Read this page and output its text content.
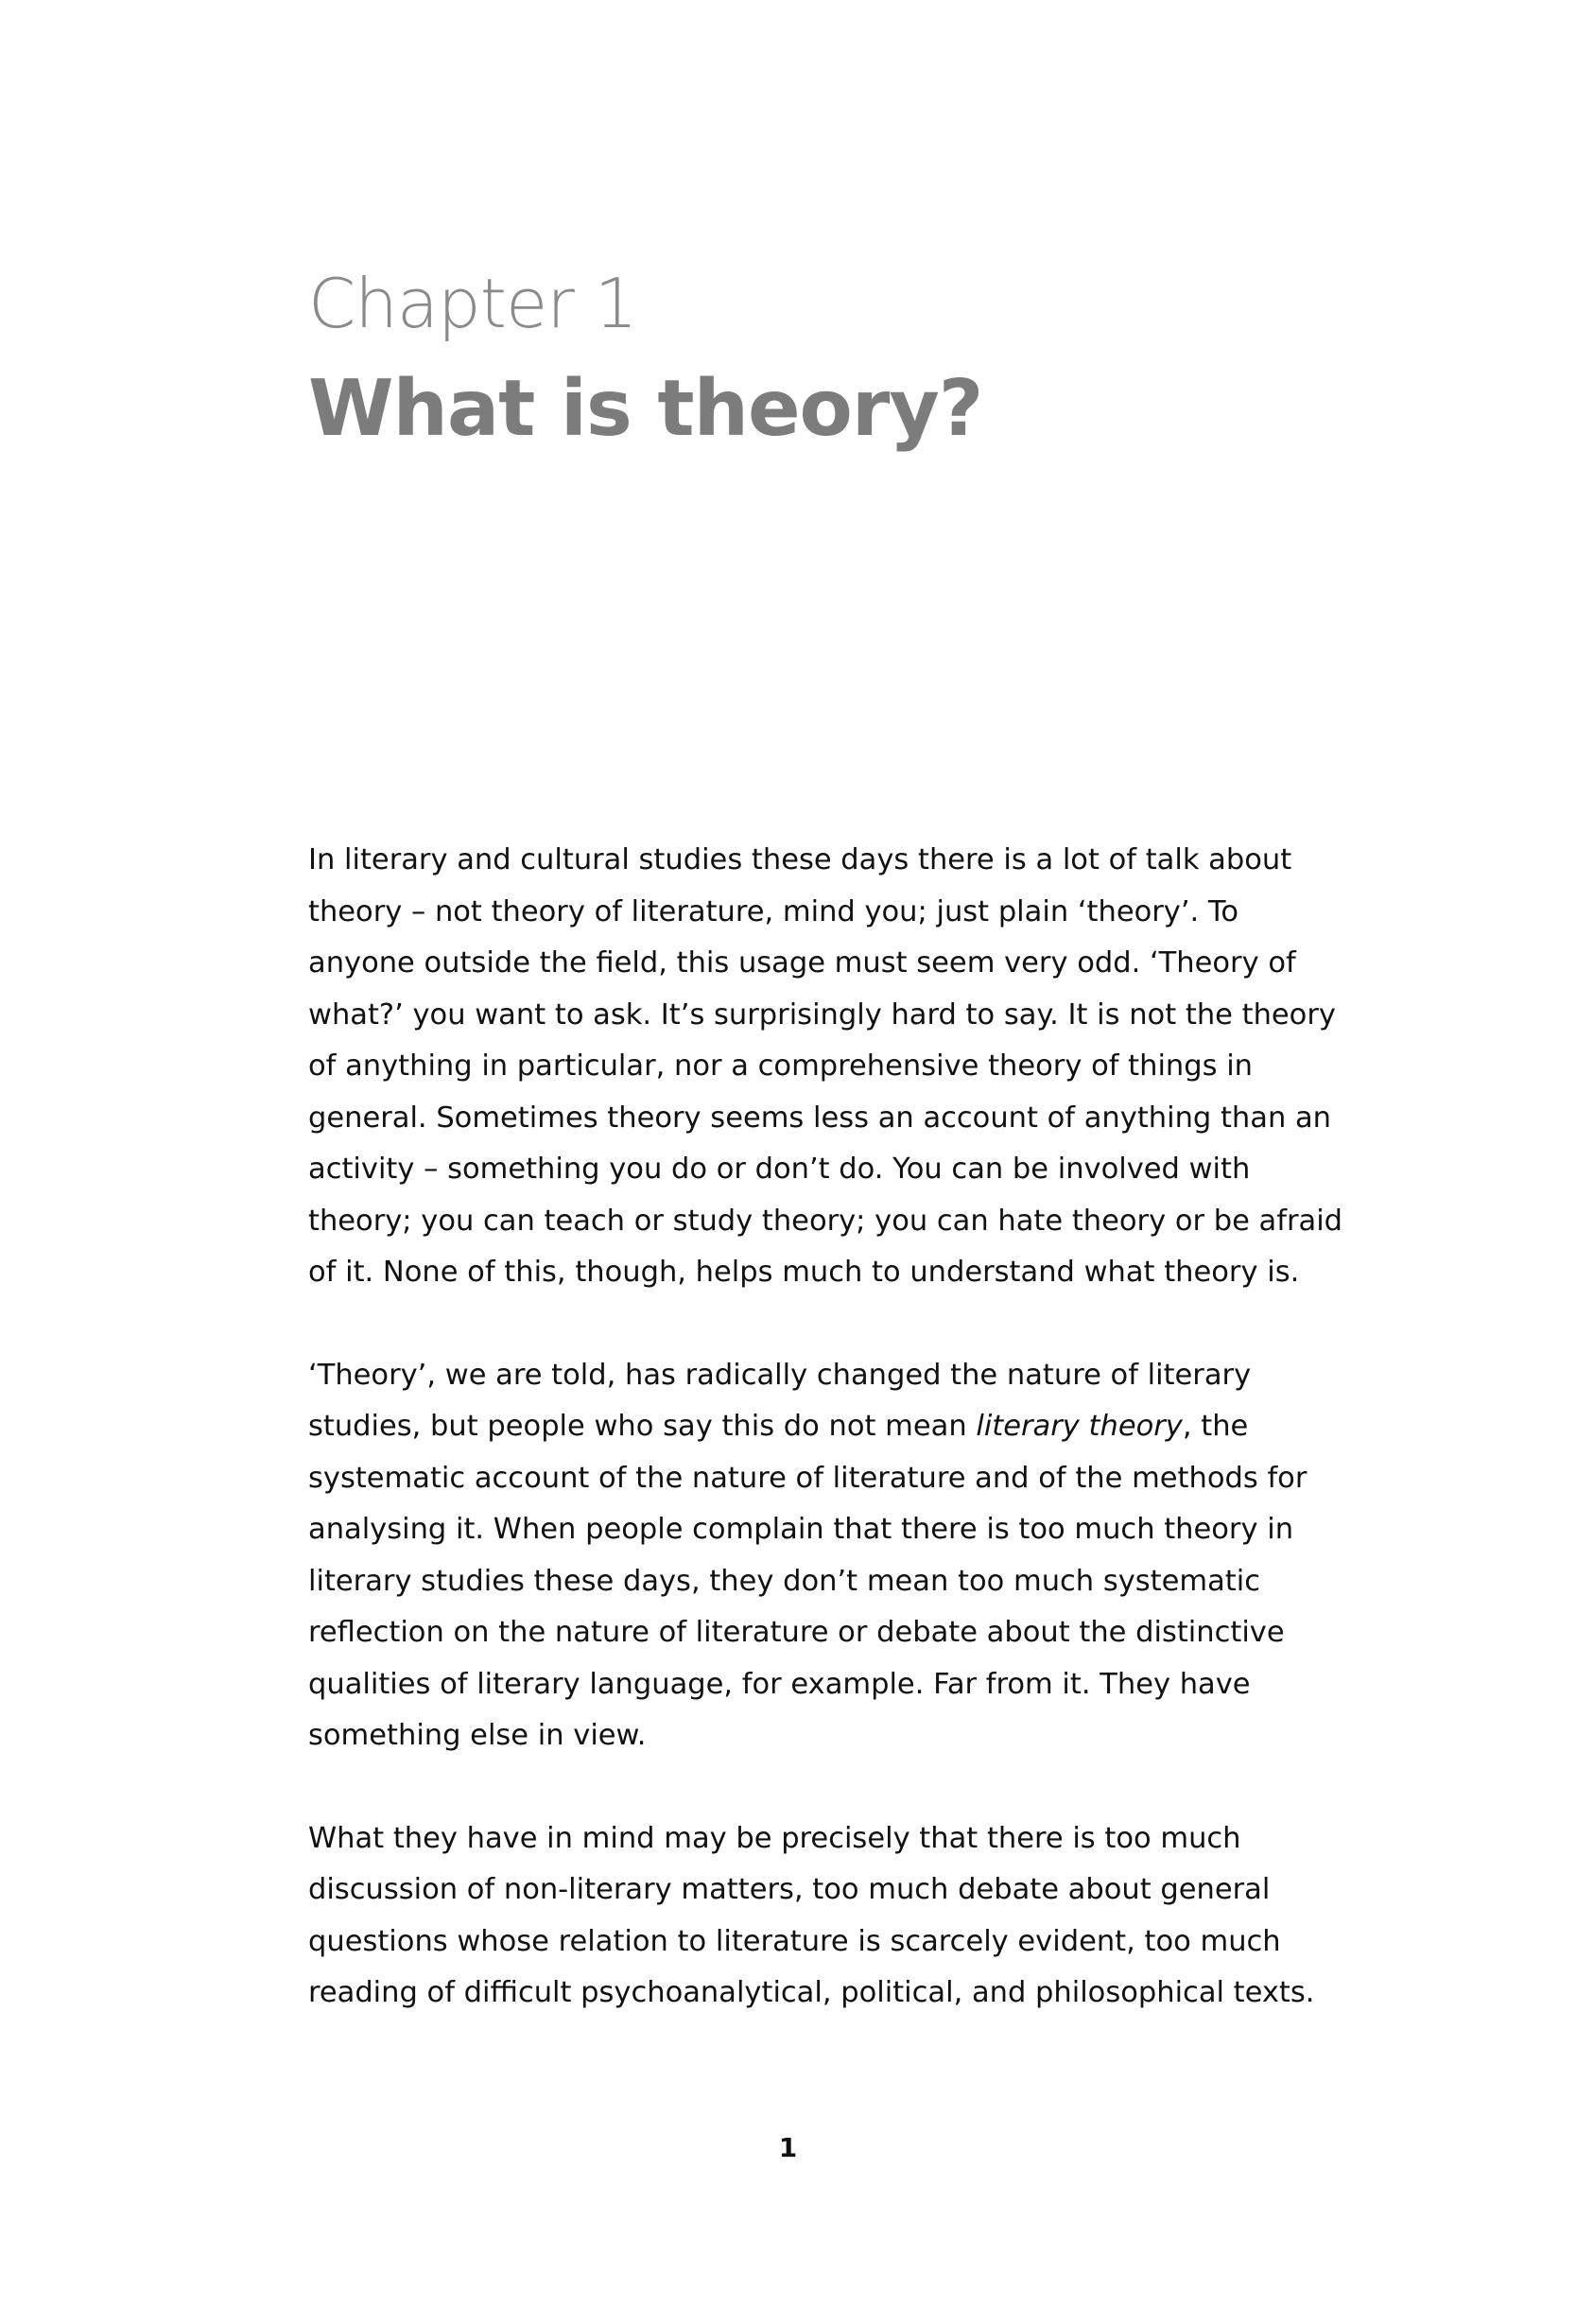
Chapter 1
What is theory?

In literary and cultural studies these days there is a lot of talk about
theory – not theory of literature, mind you; just plain ‘theory’. To
anyone outside the field, this usage must seem very odd. ‘Theory of
what?’ you want to ask. It’s surprisingly hard to say. It is not the theory
of anything in particular, nor a comprehensive theory of things in
general. Sometimes theory seems less an account of anything than an
activity – something you do or don’t do. You can be involved with
theory; you can teach or study theory; you can hate theory or be afraid
of it. None of this, though, helps much to understand what theory is.

‘Theory’, we are told, has radically changed the nature of literary
studies, but people who say this do not mean literary theory, the
systematic account of the nature of literature and of the methods for
analysing it. When people complain that there is too much theory in
literary studies these days, they don’t mean too much systematic
reflection on the nature of literature or debate about the distinctive
qualities of literary language, for example. Far from it. They have
something else in view.

What they have in mind may be precisely that there is too much
discussion of non-literary matters, too much debate about general
questions whose relation to literature is scarcely evident, too much
reading of difficult psychoanalytical, political, and philosophical texts.

1
